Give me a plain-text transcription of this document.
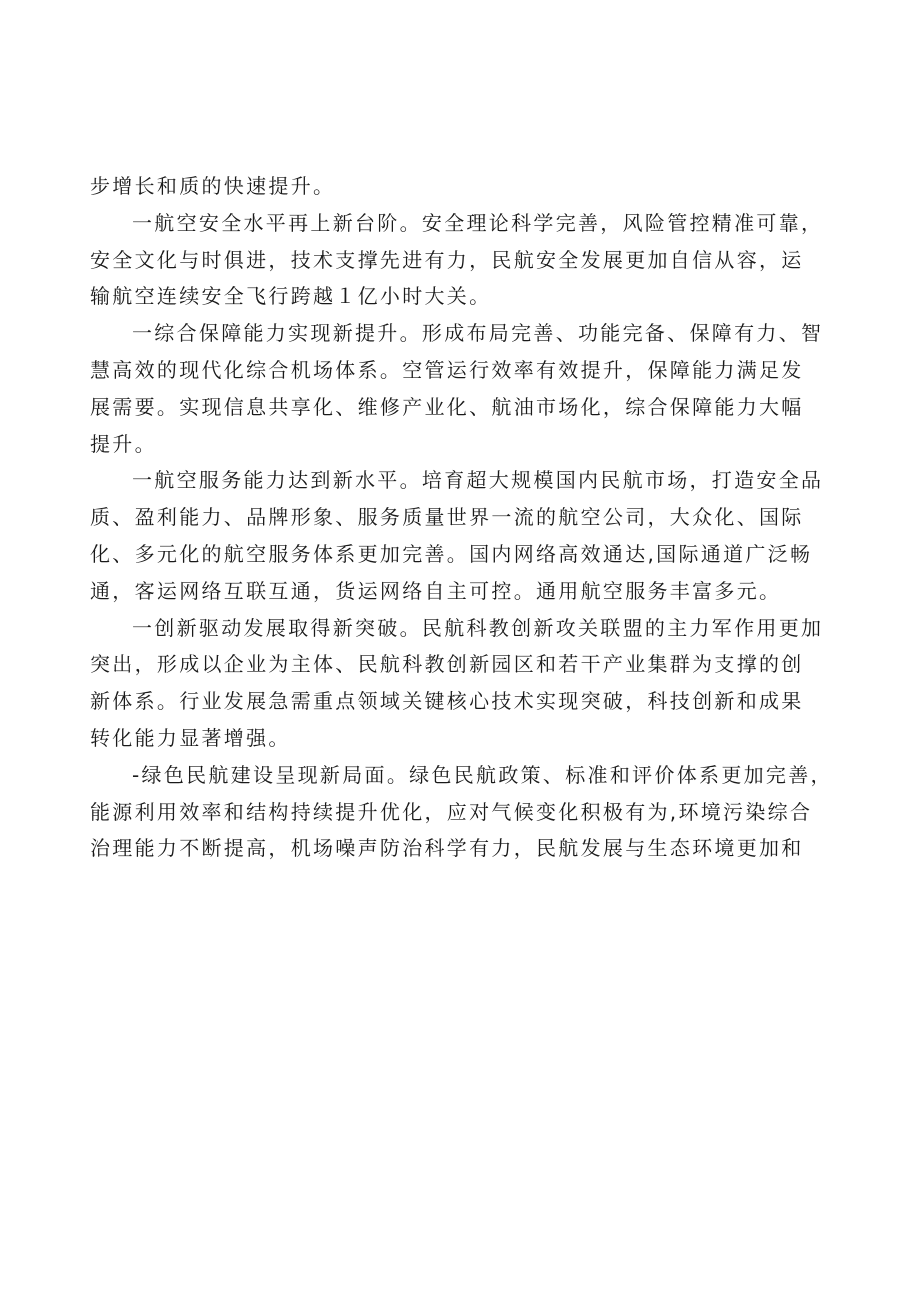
步增长和质的快速提升。
一航空安全水平再上新台阶。安全理论科学完善，风险管控精准可靠，
安全文化与时俱进，技术支撑先进有力，民航安全发展更加自信从容，运
输航空连续安全飞行跨越１亿小时大关。
一综合保障能力实现新提升。形成布局完善、功能完备、保障有力、智
慧高效的现代化综合机场体系。空管运行效率有效提升，保障能力满足发
展需要。实现信息共享化、维修产业化、航油市场化，综合保障能力大幅
提升。
一航空服务能力达到新水平。培育超大规模国内民航市场，打造安全品
质、盈利能力、品牌形象、服务质量世界一流的航空公司，大众化、国际
化、多元化的航空服务体系更加完善。国内网络高效通达,国际通道广泛畅
通，客运网络互联互通，货运网络自主可控。通用航空服务丰富多元。
一创新驱动发展取得新突破。民航科教创新攻关联盟的主力军作用更加
突出，形成以企业为主体、民航科教创新园区和若干产业集群为支撑的创
新体系。行业发展急需重点领域关键核心技术实现突破，科技创新和成果
转化能力显著增强。
-绿色民航建设呈现新局面。绿色民航政策、标准和评价体系更加完善，
能源利用效率和结构持续提升优化，应对气候变化积极有为,环境污染综合
治理能力不断提高，机场噪声防治科学有力，民航发展与生态环境更加和
